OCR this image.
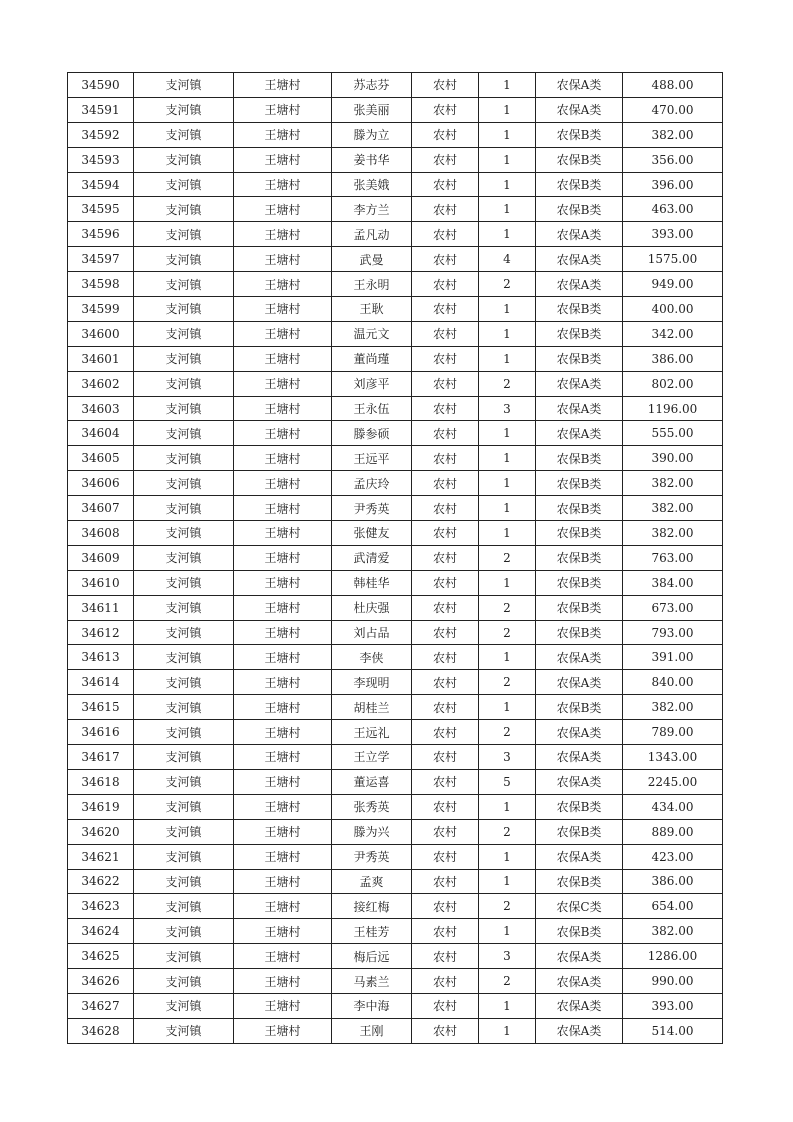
34590	支河镇	王塘村	苏志芬	农村	1	农保A类	488.00
34591	支河镇	王塘村	张美丽	农村	1	农保A类	470.00
34592	支河镇	王塘村	滕为立	农村	1	农保B类	382.00
34593	支河镇	王塘村	姜书华	农村	1	农保B类	356.00
34594	支河镇	王塘村	张美娥	农村	1	农保B类	396.00
34595	支河镇	王塘村	李方兰	农村	1	农保B类	463.00
34596	支河镇	王塘村	孟凡动	农村	1	农保A类	393.00
34597	支河镇	王塘村	武曼	农村	4	农保A类	1575.00
34598	支河镇	王塘村	王永明	农村	2	农保A类	949.00
34599	支河镇	王塘村	王耿	农村	1	农保B类	400.00
34600	支河镇	王塘村	温元文	农村	1	农保B类	342.00
34601	支河镇	王塘村	董尚瑾	农村	1	农保B类	386.00
34602	支河镇	王塘村	刘彦平	农村	2	农保A类	802.00
34603	支河镇	王塘村	王永伍	农村	3	农保A类	1196.00
34604	支河镇	王塘村	滕参硕	农村	1	农保A类	555.00
34605	支河镇	王塘村	王远平	农村	1	农保B类	390.00
34606	支河镇	王塘村	孟庆玲	农村	1	农保B类	382.00
34607	支河镇	王塘村	尹秀英	农村	1	农保B类	382.00
34608	支河镇	王塘村	张健友	农村	1	农保B类	382.00
34609	支河镇	王塘村	武清爱	农村	2	农保B类	763.00
34610	支河镇	王塘村	韩桂华	农村	1	农保B类	384.00
34611	支河镇	王塘村	杜庆强	农村	2	农保B类	673.00
34612	支河镇	王塘村	刘占品	农村	2	农保B类	793.00
34613	支河镇	王塘村	李侠	农村	1	农保A类	391.00
34614	支河镇	王塘村	李现明	农村	2	农保A类	840.00
34615	支河镇	王塘村	胡桂兰	农村	1	农保B类	382.00
34616	支河镇	王塘村	王远礼	农村	2	农保A类	789.00
34617	支河镇	王塘村	王立学	农村	3	农保A类	1343.00
34618	支河镇	王塘村	董运喜	农村	5	农保A类	2245.00
34619	支河镇	王塘村	张秀英	农村	1	农保B类	434.00
34620	支河镇	王塘村	滕为兴	农村	2	农保B类	889.00
34621	支河镇	王塘村	尹秀英	农村	1	农保A类	423.00
34622	支河镇	王塘村	孟爽	农村	1	农保B类	386.00
34623	支河镇	王塘村	接红梅	农村	2	农保C类	654.00
34624	支河镇	王塘村	王桂芳	农村	1	农保B类	382.00
34625	支河镇	王塘村	梅后远	农村	3	农保A类	1286.00
34626	支河镇	王塘村	马素兰	农村	2	农保A类	990.00
34627	支河镇	王塘村	李中海	农村	1	农保A类	393.00
34628	支河镇	王塘村	王刚	农村	1	农保A类	514.00
